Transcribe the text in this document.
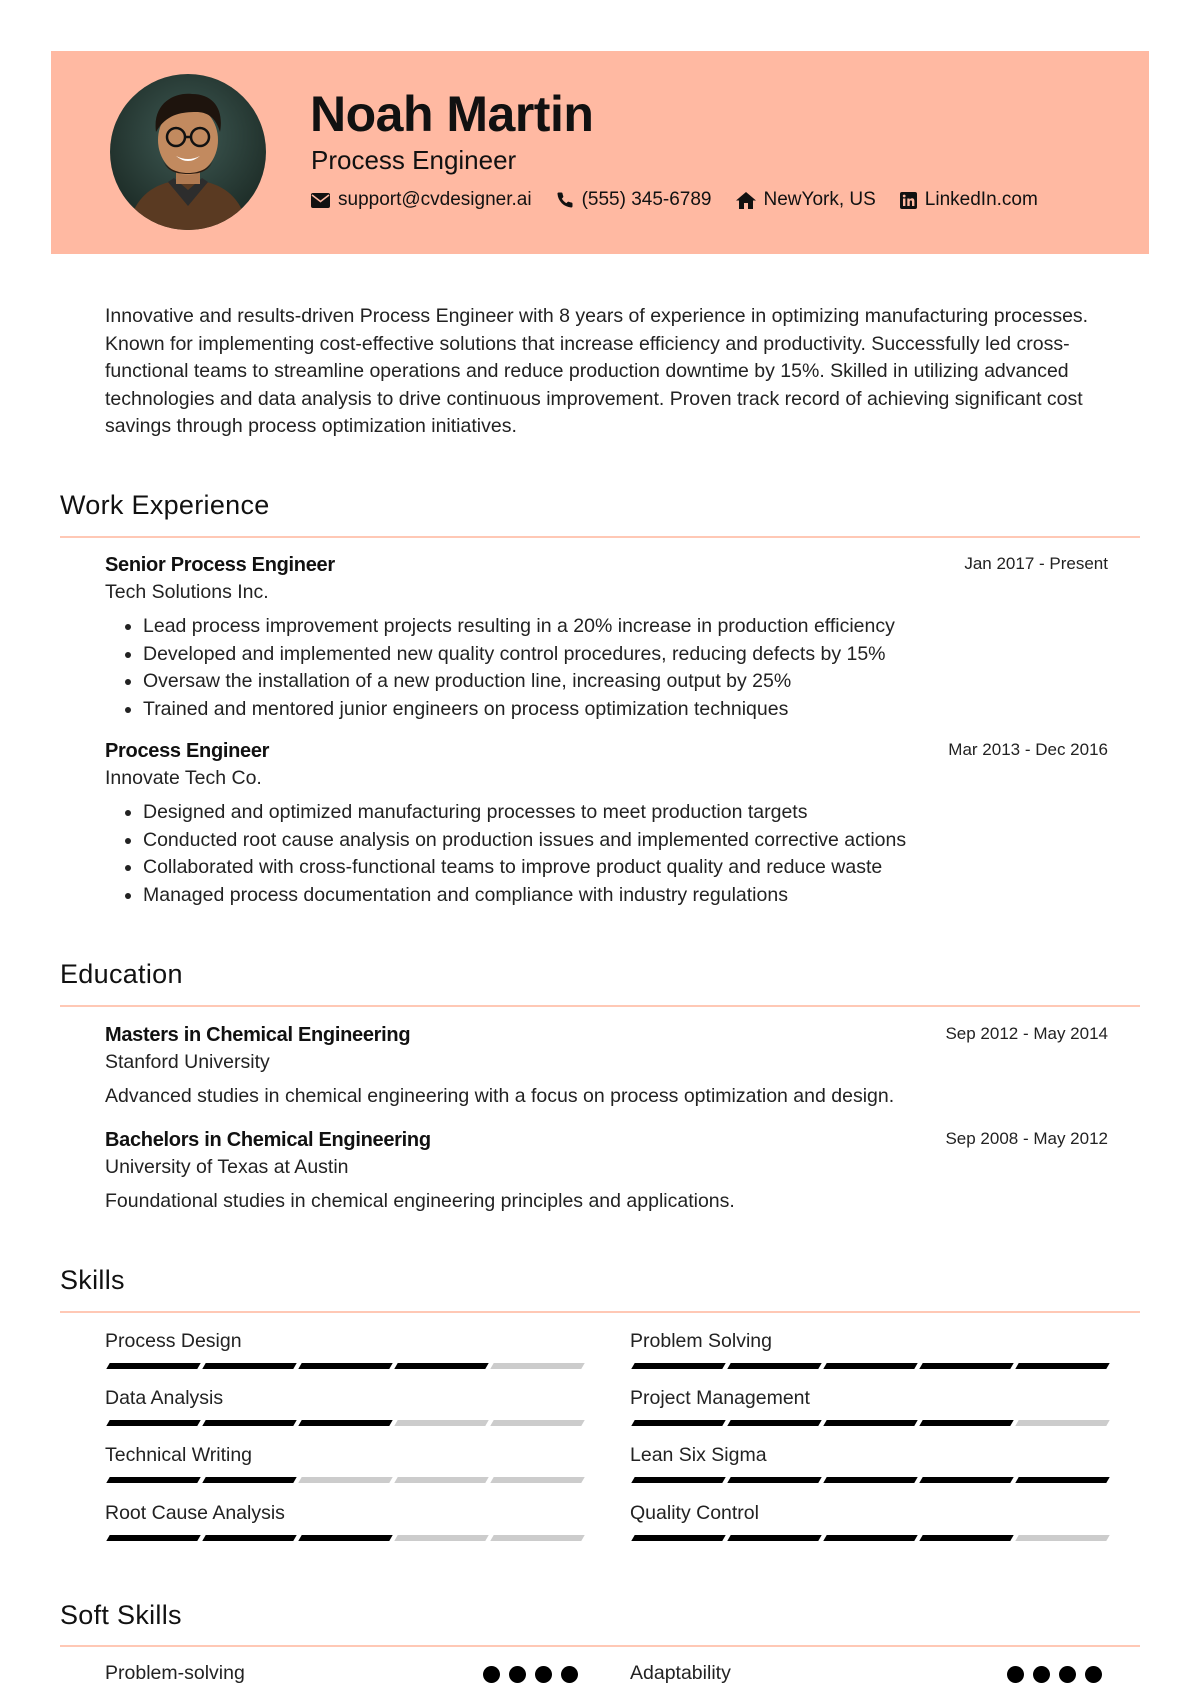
Noah Martin
Process Engineer
support@cvdesigner.ai	(555) 345-6789	NewYork, US	LinkedIn.com
Innovative and results-driven Process Engineer with 8 years of experience in optimizing manufacturing processes. Known for implementing cost-effective solutions that increase efficiency and productivity. Successfully led cross-functional teams to streamline operations and reduce production downtime by 15%. Skilled in utilizing advanced technologies and data analysis to drive continuous improvement. Proven track record of achieving significant cost savings through process optimization initiatives.
Work Experience
Senior Process Engineer	Jan 2017 - Present
Tech Solutions Inc.
• Lead process improvement projects resulting in a 20% increase in production efficiency
• Developed and implemented new quality control procedures, reducing defects by 15%
• Oversaw the installation of a new production line, increasing output by 25%
• Trained and mentored junior engineers on process optimization techniques
Process Engineer	Mar 2013 - Dec 2016
Innovate Tech Co.
• Designed and optimized manufacturing processes to meet production targets
• Conducted root cause analysis on production issues and implemented corrective actions
• Collaborated with cross-functional teams to improve product quality and reduce waste
• Managed process documentation and compliance with industry regulations
Education
Masters in Chemical Engineering	Sep 2012 - May 2014
Stanford University
Advanced studies in chemical engineering with a focus on process optimization and design.
Bachelors in Chemical Engineering	Sep 2008 - May 2012
University of Texas at Austin
Foundational studies in chemical engineering principles and applications.
Skills
Process Design	Problem Solving
Data Analysis	Project Management
Technical Writing	Lean Six Sigma
Root Cause Analysis	Quality Control
Soft Skills
Problem-solving	Adaptability
